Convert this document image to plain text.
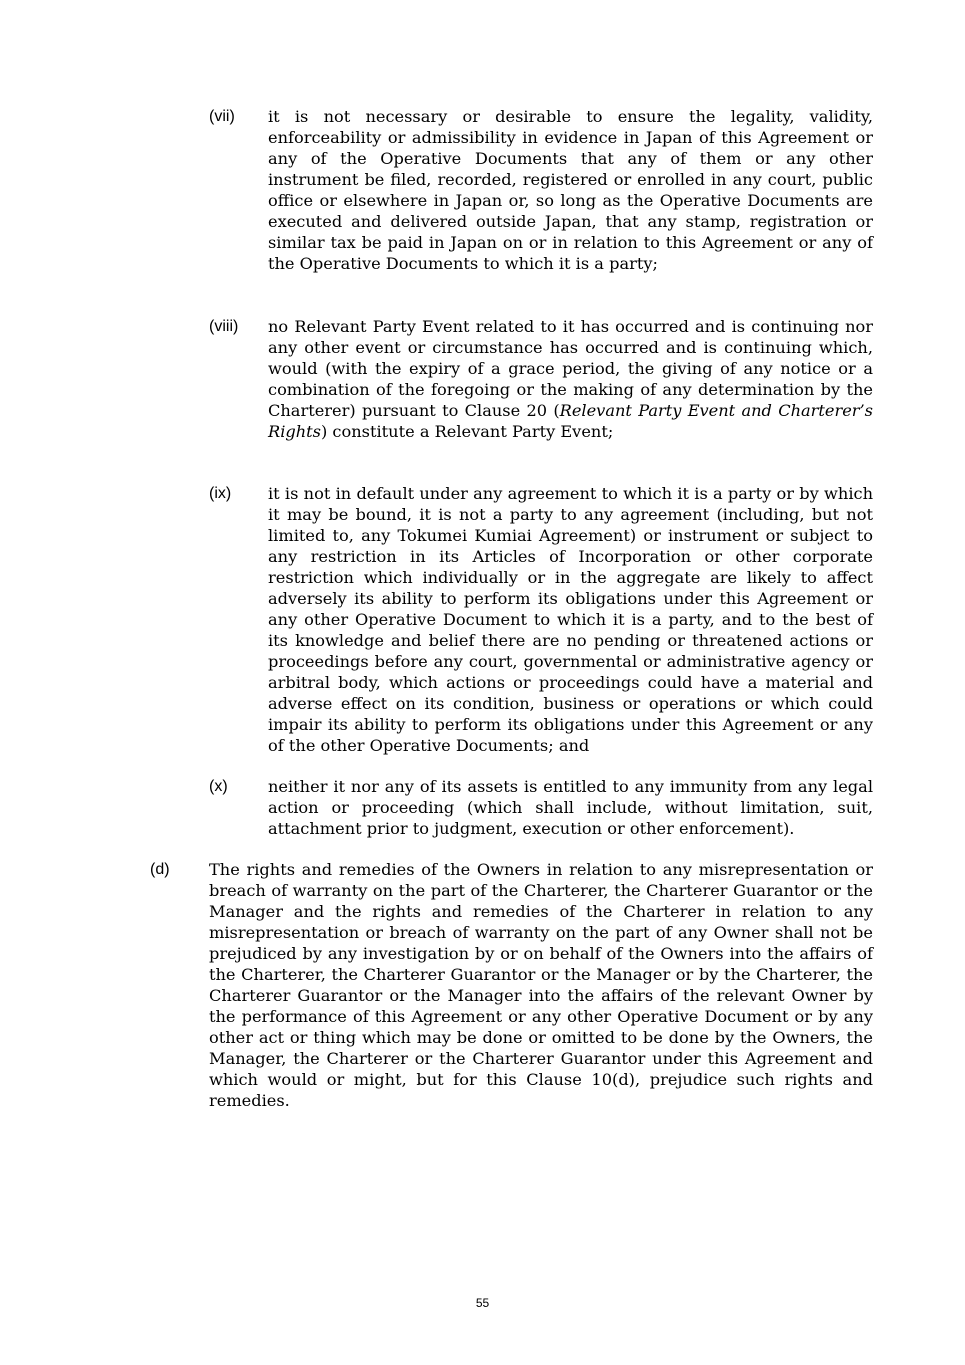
(vii) it is not necessary or desirable to ensure the legality, validity, enforceability or admissibility in evidence in Japan of this Agreement or any of the Operative Documents that any of them or any other instrument be filed, recorded, registered or enrolled in any court, public office or elsewhere in Japan or, so long as the Operative Documents are executed and delivered outside Japan, that any stamp, registration or similar tax be paid in Japan on or in relation to this Agreement or any of the Operative Documents to which it is a party;
(viii) no Relevant Party Event related to it has occurred and is continuing nor any other event or circumstance has occurred and is continuing which, would (with the expiry of a grace period, the giving of any notice or a combination of the foregoing or the making of any determination by the Charterer) pursuant to Clause 20 (Relevant Party Event and Charterer’s Rights) constitute a Relevant Party Event;
(ix) it is not in default under any agreement to which it is a party or by which it may be bound, it is not a party to any agreement (including, but not limited to, any Tokumei Kumiai Agreement) or instrument or subject to any restriction in its Articles of Incorporation or other corporate restriction which individually or in the aggregate are likely to affect adversely its ability to perform its obligations under this Agreement or any other Operative Document to which it is a party, and to the best of its knowledge and belief there are no pending or threatened actions or proceedings before any court, governmental or administrative agency or arbitral body, which actions or proceedings could have a material and adverse effect on its condition, business or operations or which could impair its ability to perform its obligations under this Agreement or any of the other Operative Documents; and
(x) neither it nor any of its assets is entitled to any immunity from any legal action or proceeding (which shall include, without limitation, suit, attachment prior to judgment, execution or other enforcement).
(d) The rights and remedies of the Owners in relation to any misrepresentation or breach of warranty on the part of the Charterer, the Charterer Guarantor or the Manager and the rights and remedies of the Charterer in relation to any misrepresentation or breach of warranty on the part of any Owner shall not be prejudiced by any investigation by or on behalf of the Owners into the affairs of the Charterer, the Charterer Guarantor or the Manager or by the Charterer, the Charterer Guarantor or the Manager into the affairs of the relevant Owner by the performance of this Agreement or any other Operative Document or by any other act or thing which may be done or omitted to be done by the Owners, the Manager, the Charterer or the Charterer Guarantor under this Agreement and which would or might, but for this Clause 10(d), prejudice such rights and remedies.
55
